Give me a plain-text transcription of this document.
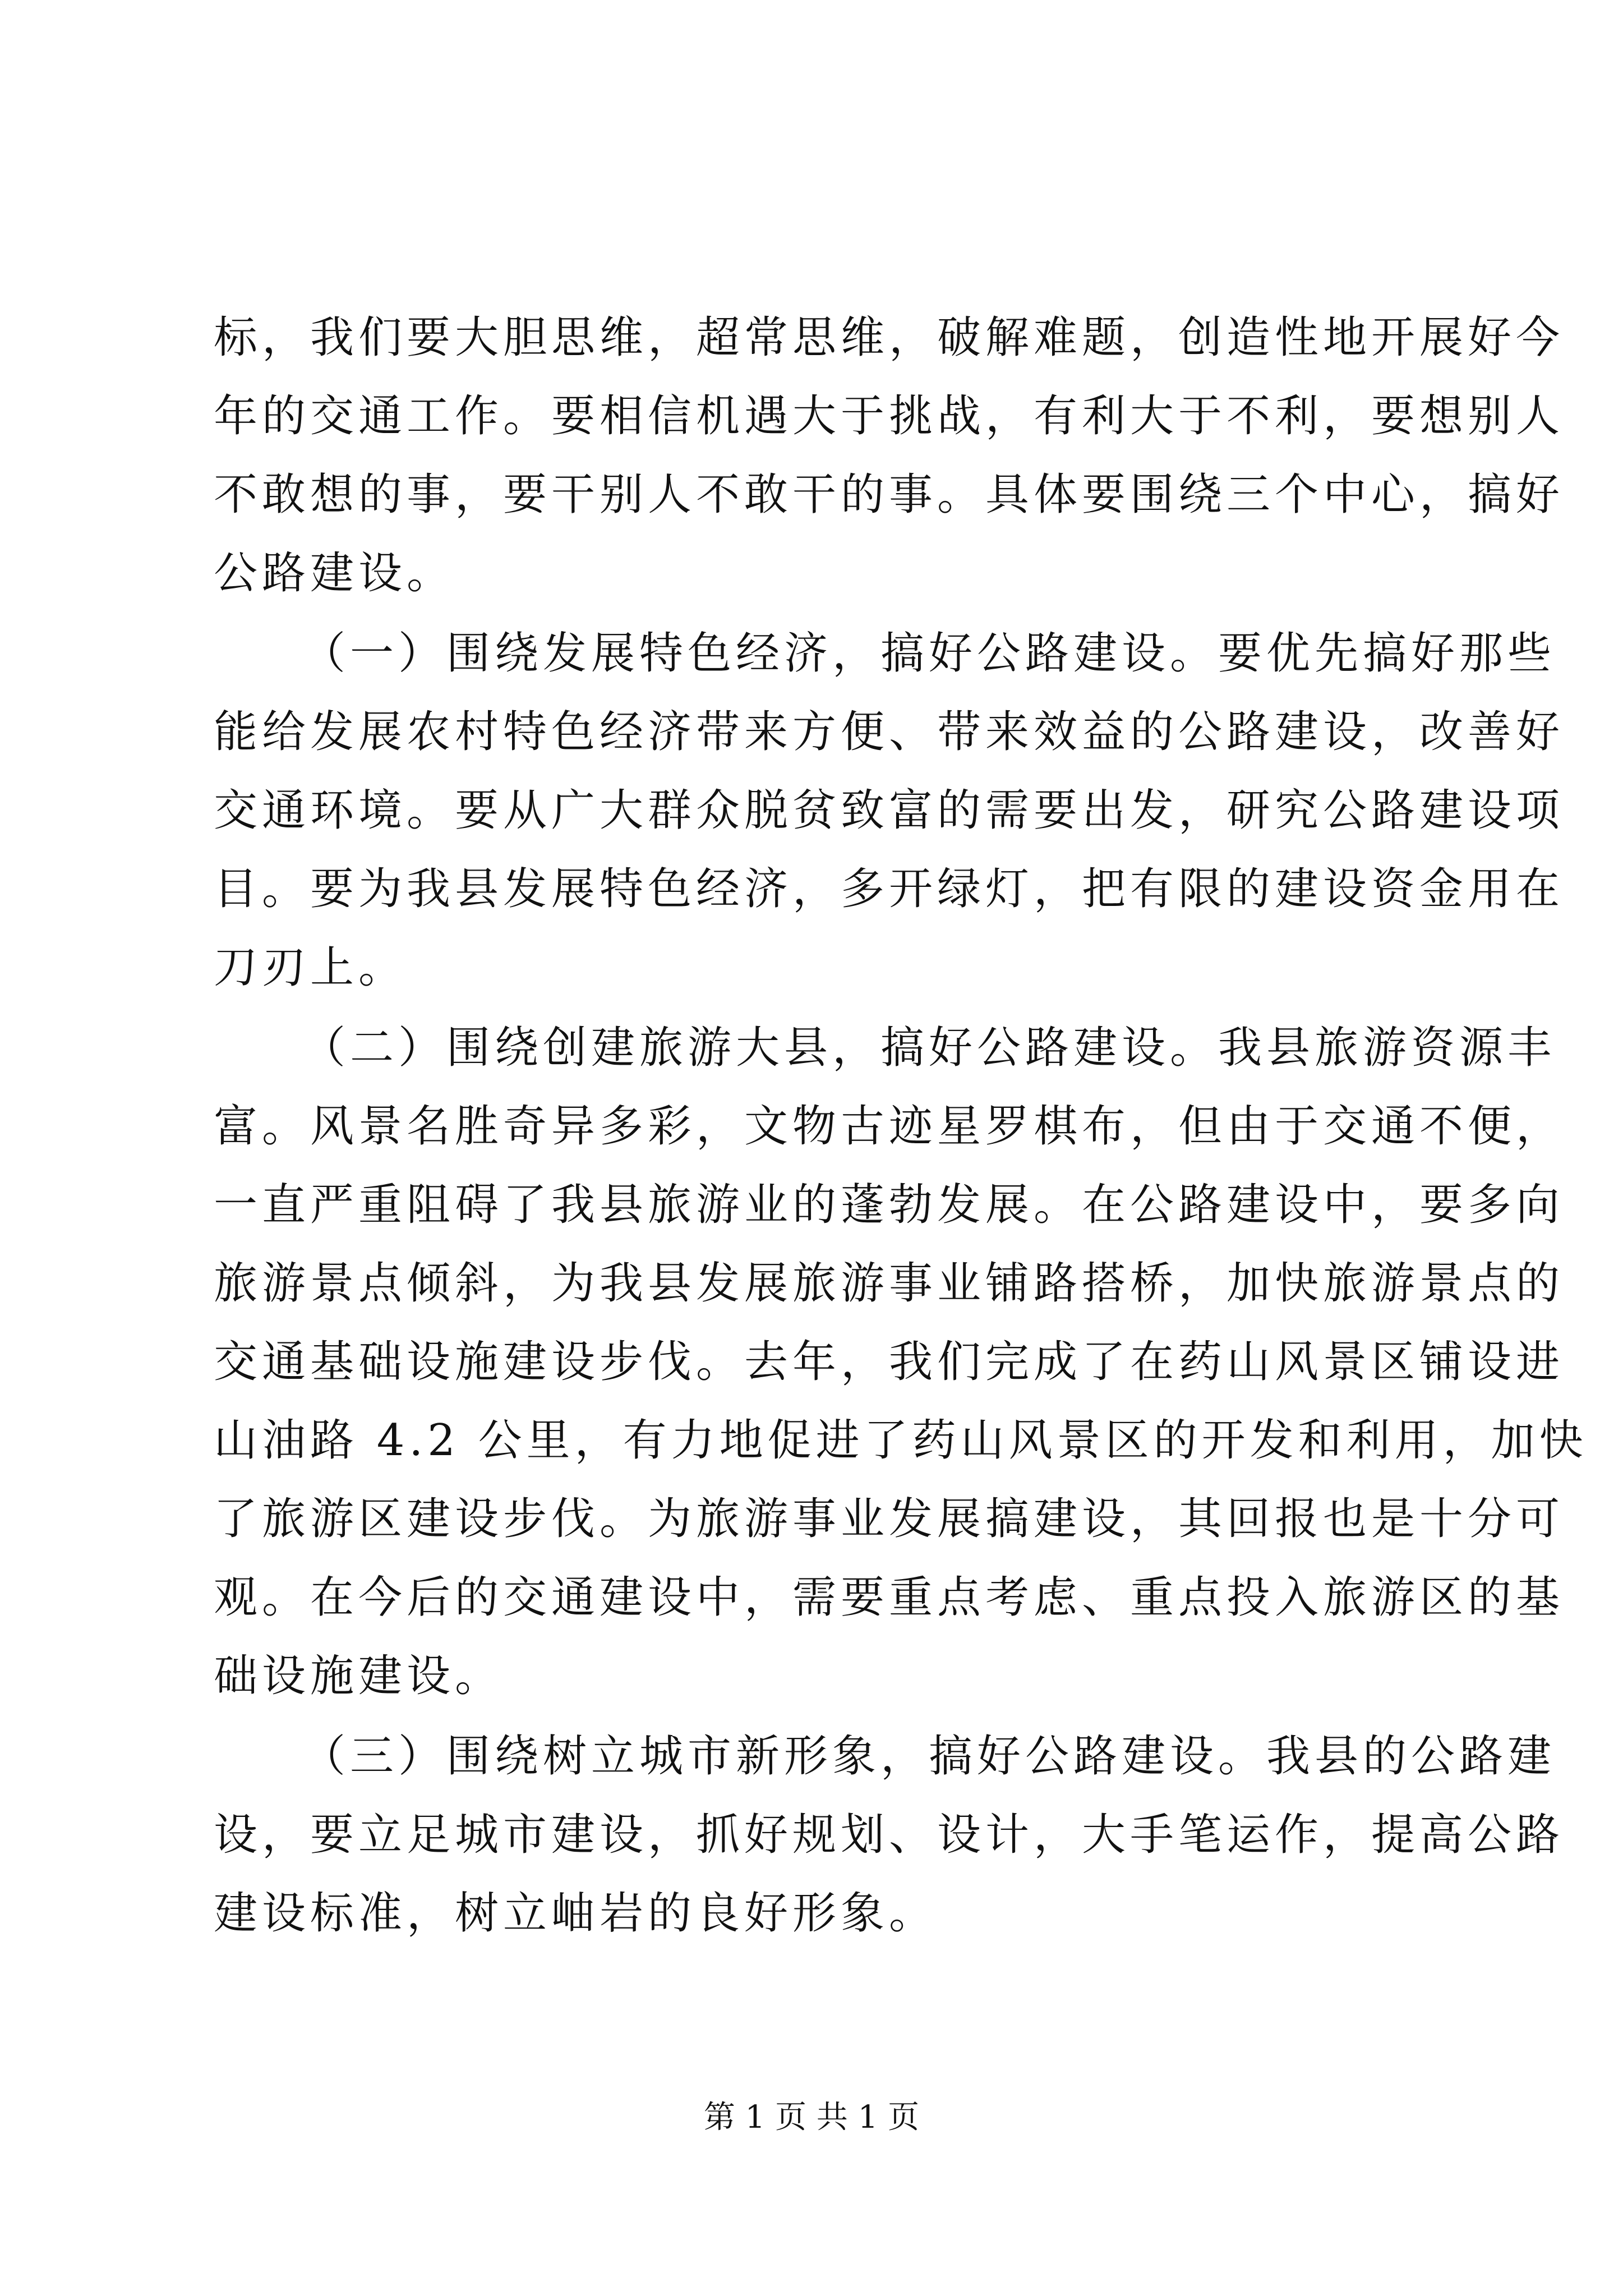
标，我们要大胆思维，超常思维，破解难题，创造性地开展好今
年的交通工作。要相信机遇大于挑战，有利大于不利，要想别人
不敢想的事，要干别人不敢干的事。具体要围绕三个中心，搞好
公路建设。
（一）围绕发展特色经济，搞好公路建设。要优先搞好那些
能给发展农村特色经济带来方便、带来效益的公路建设，改善好
交通环境。要从广大群众脱贫致富的需要出发，研究公路建设项
目。要为我县发展特色经济，多开绿灯，把有限的建设资金用在
刀刃上。
（二）围绕创建旅游大县，搞好公路建设。我县旅游资源丰
富。风景名胜奇异多彩，文物古迹星罗棋布，但由于交通不便，
一直严重阻碍了我县旅游业的蓬勃发展。在公路建设中，要多向
旅游景点倾斜，为我县发展旅游事业铺路搭桥，加快旅游景点的
交通基础设施建设步伐。去年，我们完成了在药山风景区铺设进
山油路 4.2 公里，有力地促进了药山风景区的开发和利用，加快
了旅游区建设步伐。为旅游事业发展搞建设，其回报也是十分可
观。在今后的交通建设中，需要重点考虑、重点投入旅游区的基
础设施建设。
（三）围绕树立城市新形象，搞好公路建设。我县的公路建
设，要立足城市建设，抓好规划、设计，大手笔运作，提高公路
建设标准，树立岫岩的良好形象。
第 1 页 共 1 页
